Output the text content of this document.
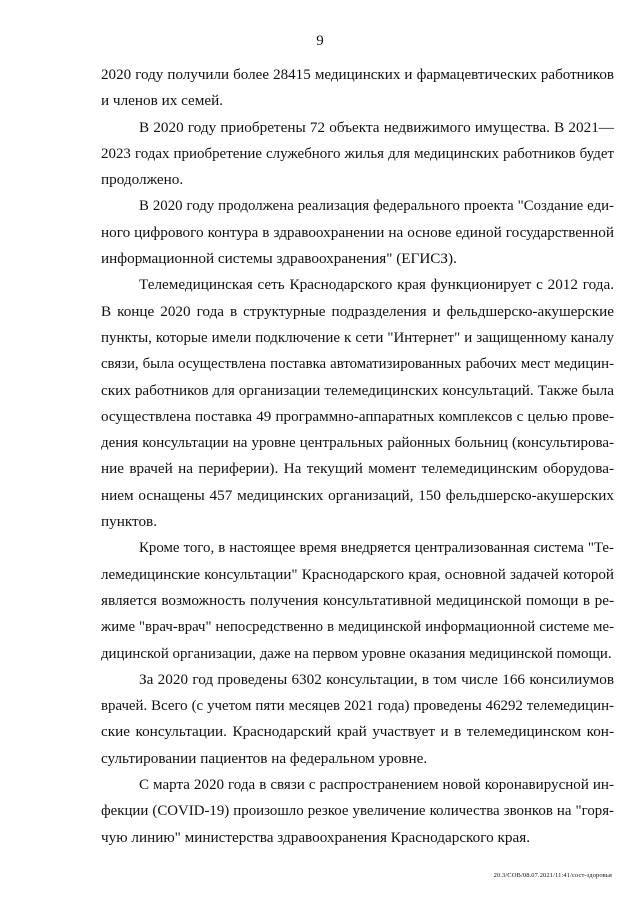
9
2020 году получили более 28415 медицинских и фармацевтических работников
и членов их семей.
В 2020 году приобретены 72 объекта недвижимого имущества. В 2021—
2023 годах приобретение служебного жилья для медицинских работников будет
продолжено.
В 2020 году продолжена реализация федерального проекта "Создание еди-
ного цифрового контура в здравоохранении на основе единой государственной
информационной системы здравоохранения" (ЕГИСЗ).
Телемедицинская сеть Краснодарского края функционирует с 2012 года.
В конце 2020 года в структурные подразделения и фельдшерско-акушерские
пункты, которые имели подключение к сети "Интернет" и защищенному каналу
связи, была осуществлена поставка автоматизированных рабочих мест медицин-
ских работников для организации телемедицинских консультаций. Также была
осуществлена поставка 49 программно-аппаратных комплексов с целью прове-
дения консультации на уровне центральных районных больниц (консультирова-
ние врачей на периферии). На текущий момент телемедицинским оборудова-
нием оснащены 457 медицинских организаций, 150 фельдшерско-акушерских
пунктов.
Кроме того, в настоящее время внедряется централизованная система "Те-
лемедицинские консультации" Краснодарского края, основной задачей которой
является возможность получения консультативной медицинской помощи в ре-
жиме "врач-врач" непосредственно в медицинской информационной системе ме-
дицинской организации, даже на первом уровне оказания медицинской помощи.
За 2020 год проведены 6302 консультации, в том числе 166 консилиумов
врачей. Всего (с учетом пяти месяцев 2021 года) проведены 46292 телемедицин-
ские консультации. Краснодарский край участвует и в телемедицинском кон-
сультировании пациентов на федеральном уровне.
С марта 2020 года в связи с распространением новой коронавирусной ин-
фекции (COVID-19) произошло резкое увеличение количества звонков на "горя-
чую линию" министерства здравоохранения Краснодарского края.
20.3/СОВ/08.07.2021/11:41/сост-здоровья
